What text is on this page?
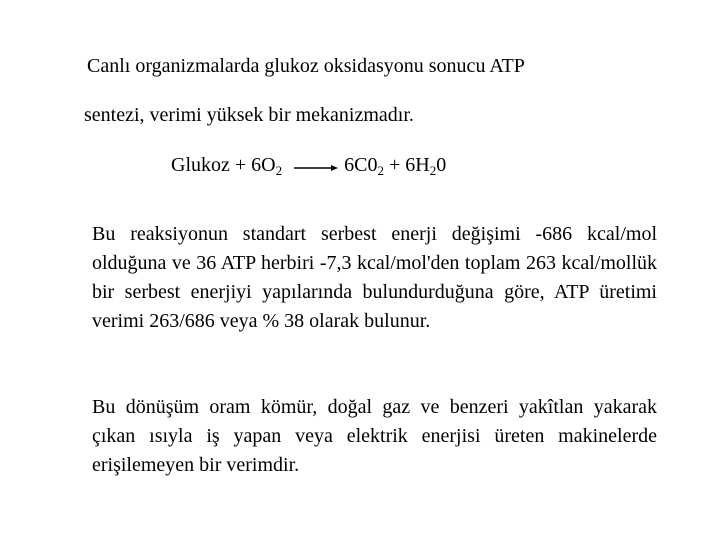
Canlı organizmalarda glukoz oksidasyonu sonucu ATP
sentezi, verimi yüksek bir mekanizmadır.
Glukoz + $6O_2 \to 6C0_2 + 6H_20$
Bu reaksiyonun standart serbest enerji değişimi -686 kcal/mol olduğuna ve 36 ATP herbiri -7,3 kcal/mol'den toplam 263 kcal/mollük bir serbest enerjiyi yapılarında bulundurduğuna göre, ATP üretimi verimi 263/686 veya % 38 olarak bulunur.
Bu dönüşüm oram kömür, doğal gaz ve benzeri yakîtlan yakarak çıkan ısıyla iş yapan veya elektrik enerjisi üreten makinelerde erişilemeyen bir verimdir.
